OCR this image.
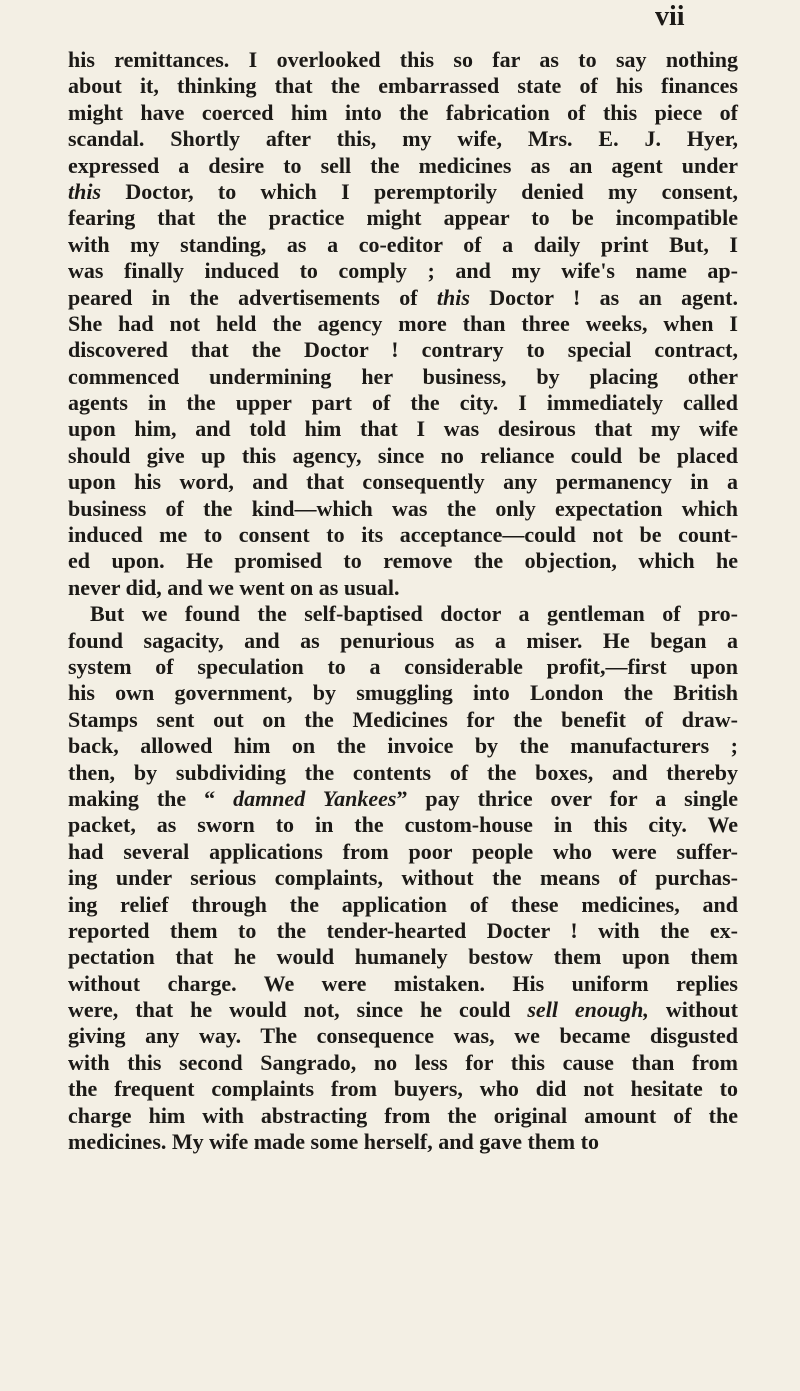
vii
his remittances. I overlooked this so far as to say nothing
about it, thinking that the embarrassed state of his finances
might have coerced him into the fabrication of this piece of
scandal. Shortly after this, my wife, Mrs. E. J. Hyer,
expressed a desire to sell the medicines as an agent under
this Doctor, to which I peremptorily denied my consent,
fearing that the practice might appear to be incompatible
with my standing, as a co-editor of a daily print But, I
was finally induced to comply ; and my wife's name ap-
peared in the advertisements of this Doctor ! as an agent.
She had not held the agency more than three weeks, when I
discovered that the Doctor ! contrary to special contract,
commenced undermining her business, by placing other
agents in the upper part of the city. I immediately called
upon him, and told him that I was desirous that my wife
should give up this agency, since no reliance could be placed
upon his word, and that consequently any permanency in a
business of the kind—which was the only expectation which
induced me to consent to its acceptance—could not be count-
ed upon. He promised to remove the objection, which he
never did, and we went on as usual.
But we found the self-baptised doctor a gentleman of pro-
found sagacity, and as penurious as a miser. He began a
system of speculation to a considerable profit,—first upon
his own government, by smuggling into London the British
Stamps sent out on the Medicines for the benefit of draw-
back, allowed him on the invoice by the manufacturers ;
then, by subdividing the contents of the boxes, and thereby
making the “ damned Yankees” pay thrice over for a single
packet, as sworn to in the custom-house in this city. We
had several applications from poor people who were suffer-
ing under serious complaints, without the means of purchas-
ing relief through the application of these medicines, and
reported them to the tender-hearted Docter ! with the ex-
pectation that he would humanely bestow them upon them
without charge. We were mistaken. His uniform replies
were, that he would not, since he could sell enough, without
giving any way. The consequence was, we became disgusted
with this second Sangrado, no less for this cause than from
the frequent complaints from buyers, who did not hesitate to
charge him with abstracting from the original amount of the
medicines. My wife made some herself, and gave them to
